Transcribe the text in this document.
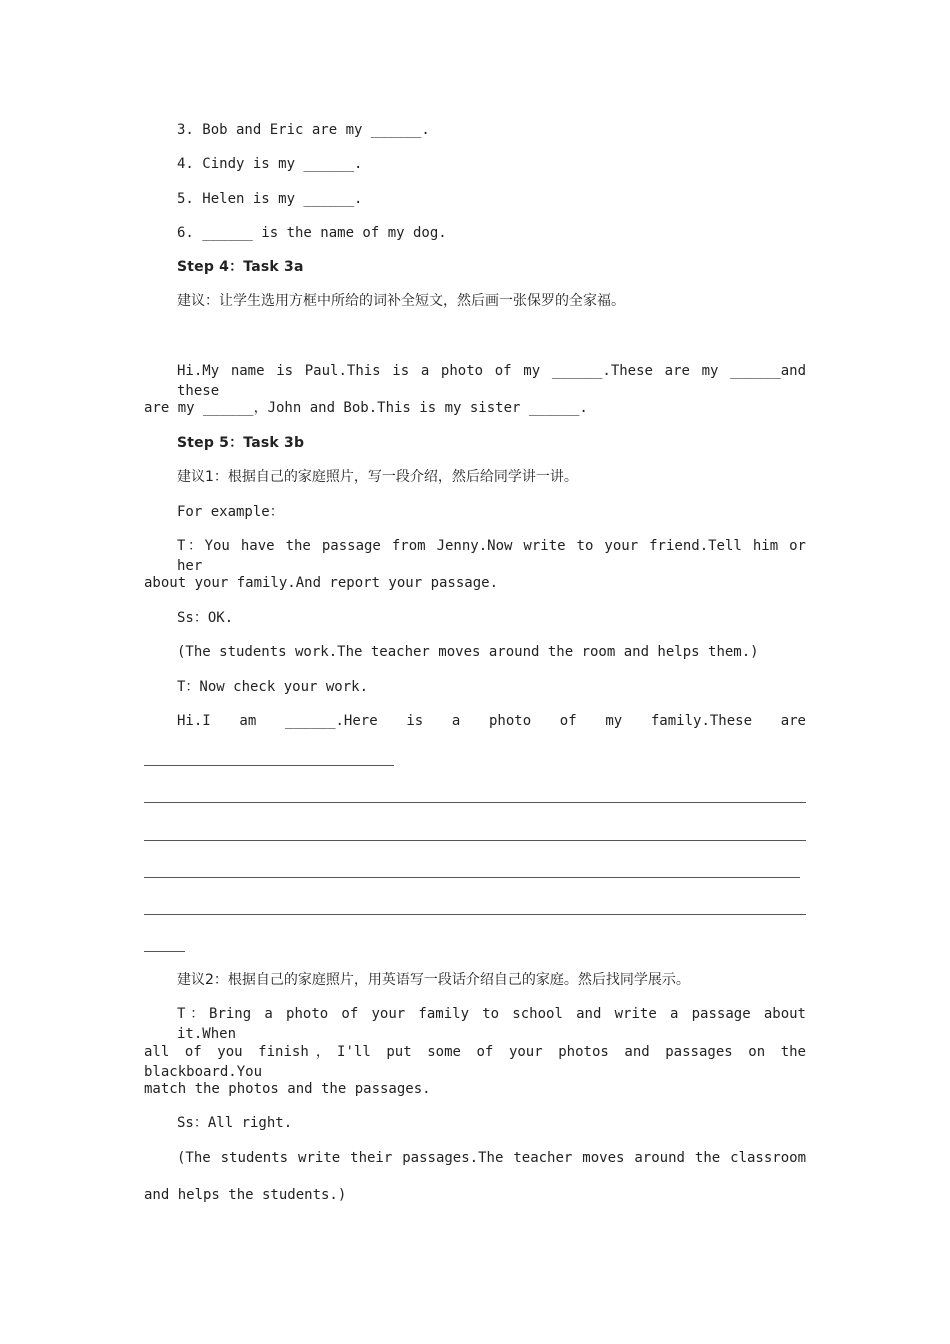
3. Bob and Eric are my ______.
4. Cindy is my ______.
5. Helen is my ______.
6. ______ is the name of my dog.
Step 4：Task 3a
建议：让学生选用方框中所给的词补全短文，然后画一张保罗的全家福。
Hi.My name is Paul.This is a photo of my ______.These are my ______and these
are my ______，John and Bob.This is my sister ______.
Step 5：Task 3b
建议1：根据自己的家庭照片，写一段介绍，然后给同学讲一讲。
For example：
T：You have the passage from Jenny.Now write to your friend.Tell him or her
about your family.And report your passage.
Ss：OK.
(The students work.The teacher moves around the room and helps them.)
T：Now check your work.
Hi.I am ______.Here is a photo of my family.These are
建议2：根据自己的家庭照片，用英语写一段话介绍自己的家庭。然后找同学展示。
T：Bring a photo of your family to school and write a passage about it.When
all of you finish，I'll put some of your photos and passages on the blackboard.You
match the photos and the passages.
Ss：All right.
(The students write their passages.The teacher moves around the classroom
and helps the students.)
